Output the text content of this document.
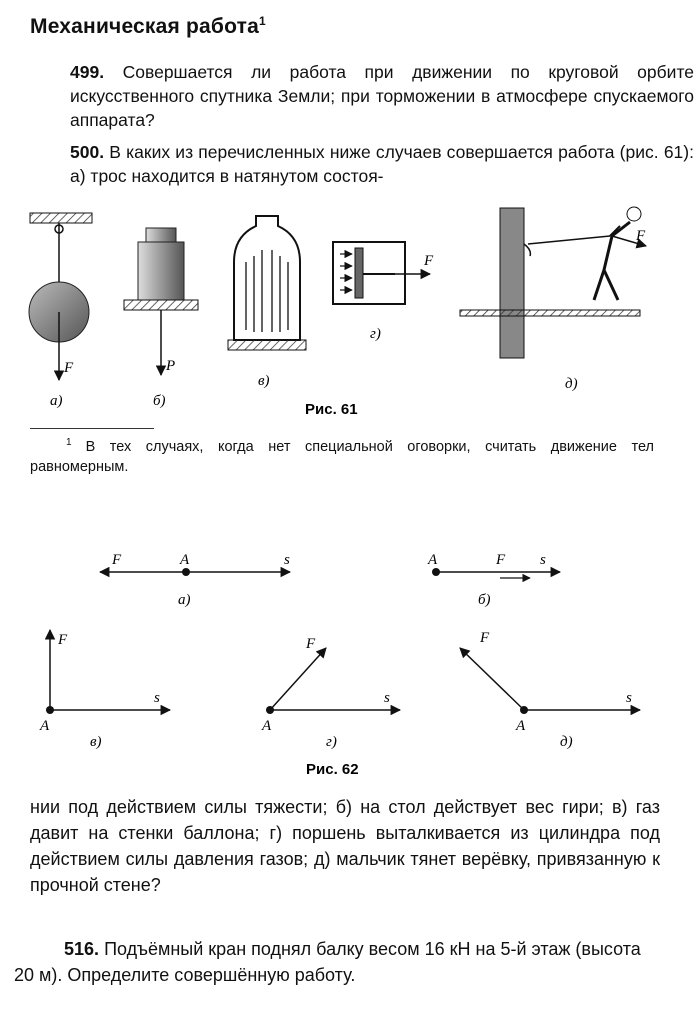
Механическая работа$^1$
499. Совершается ли работа при движении по круговой орбите искусственного спутника Земли; при торможении в атмосфере спускаемого аппарата?
500. В каких из перечисленных ниже случаев совершается работа (рис. 61): а) трос находится в натянутом состоя-
F
а)
P
б)
в)
F
г)
F
д)
Рис. 61
$^1$ В тех случаях, когда нет специальной оговорки, считать движение тел равномерным.
F	A	s
а)
F
A	s
б)
F
A
s
в)
F
A
s
г)
F
A
s
д)
Рис. 62
нии под действием силы тяжести; б) на стол действует вес гири; в) газ давит на стенки баллона; г) поршень выталкивается из цилиндра под действием силы давления газов; д) мальчик тянет верёвку, привязанную к прочной стене?
516. Подъёмный кран поднял балку весом 16 кН на 5-й этаж (высота 20 м). Определите совершённую работу.
